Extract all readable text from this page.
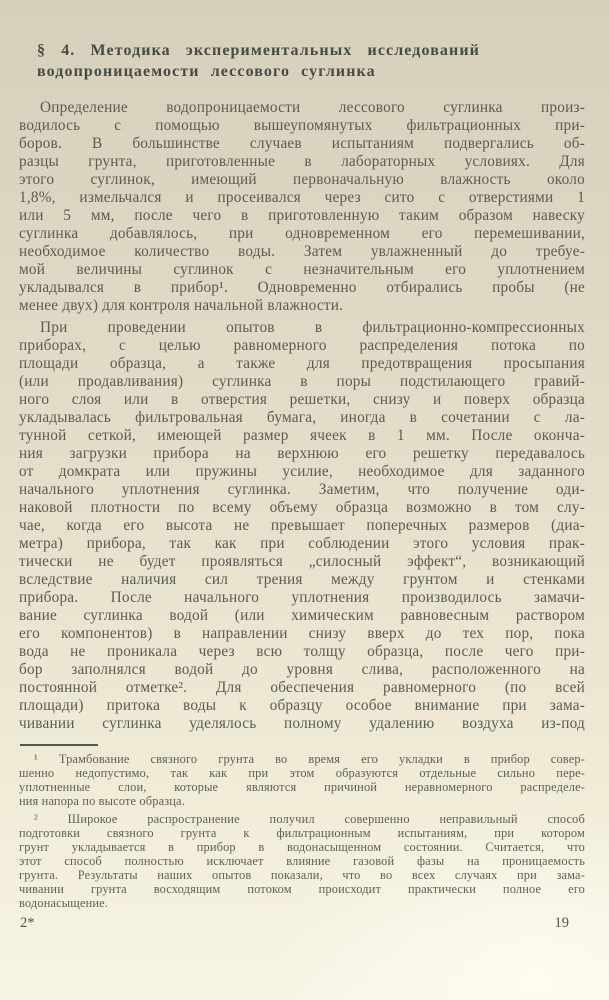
§ 4. Методика экспериментальных исследований
водопроницаемости лессового суглинка
Определение водопроницаемости лессового суглинка произ-
водилось с помощью вышеупомянутых фильтрационных при-
боров. В большинстве случаев испытаниям подвергались об-
разцы грунта, приготовленные в лабораторных условиях. Для
этого суглинок, имеющий первоначальную влажность около
1,8%, измельчался и просеивался через сито с отверстиями 1
или 5 мм, после чего в приготовленную таким образом навеску
суглинка добавлялось, при одновременном его перемешивании,
необходимое количество воды. Затем увлажненный до требуе-
мой величины суглинок с незначительным его уплотнением
укладывался в прибор¹. Одновременно отбирались пробы (не
менее двух) для контроля начальной влажности.
При проведении опытов в фильтрационно-компрессионных
приборах, с целью равномерного распределения потока по
площади образца, а также для предотвращения просыпания
(или продавливания) суглинка в поры подстилающего гравий-
ного слоя или в отверстия решетки, снизу и поверх образца
укладывалась фильтровальная бумага, иногда в сочетании с ла-
тунной сеткой, имеющей размер ячеек в 1 мм. После оконча-
ния загрузки прибора на верхнюю его решетку передавалось
от домкрата или пружины усилие, необходимое для заданного
начального уплотнения суглинка. Заметим, что получение оди-
наковой плотности по всему объему образца возможно в том слу-
чае, когда его высота не превышает поперечных размеров (диа-
метра) прибора, так как при соблюдении этого условия прак-
тически не будет проявляться „силосный эффект“, возникающий
вследствие наличия сил трения между грунтом и стенками
прибора. После начального уплотнения производилось замачи-
вание суглинка водой (или химическим равновесным раствором
его компонентов) в направлении снизу вверх до тех пор, пока
вода не проникала через всю толщу образца, после чего при-
бор заполнялся водой до уровня слива, расположенного на
постоянной отметке². Для обеспечения равномерного (по всей
площади) притока воды к образцу особое внимание при зама-
чивании суглинка уделялось полному удалению воздуха из-под
¹ Трамбование связного грунта во время его укладки в прибор совер-
шенно недопустимо, так как при этом образуются отдельные сильно пере-
уплотненные слои, которые являются причиной неравномерного распределе-
ния напора по высоте образца.
² Широкое распространение получил совершенно неправильный способ
подготовки связного грунта к фильтрационным испытаниям, при котором
грунт укладывается в прибор в водонасыщенном состоянии. Считается, что
этот способ полностью исключает влияние газовой фазы на проницаемость
грунта. Результаты наших опытов показали, что во всех случаях при зама-
чивании грунта восходящим потоком происходит практически полное его
водонасыщение.
2*	19
